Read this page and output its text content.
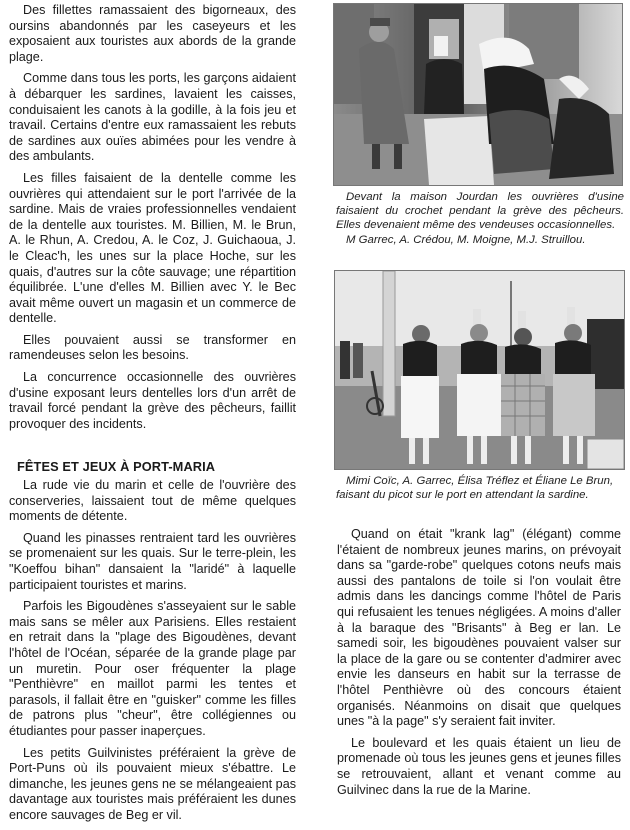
Des fillettes ramassaient des bigorneaux, des oursins abandonnés par les caseyeurs et les exposaient aux touristes aux abords de la grande plage.

Comme dans tous les ports, les garçons aidaient à débarquer les sardines, lavaient les caisses, conduisaient les canots à la godille, à la fois jeu et travail. Certains d'entre eux ramassaient les rebuts de sardines aux ouïes abimées pour les vendre à des ambulants.

Les filles faisaient de la dentelle comme les ouvrières qui attendaient sur le port l'arrivée de la sardine. Mais de vraies professionnelles vendaient de la dentelle aux touristes. M. Billien, M. le Brun, A. le Rhun, A. Credou, A. le Coz, J. Guichaoua, J. le Cleac'h, les unes sur la place Hoche, sur les quais, d'autres sur la côte sauvage; une répartition équilibrée. L'une d'elles M. Billien avec Y. le Bec avait même ouvert un magasin et un commerce de dentelle.

Elles pouvaient aussi se transformer en ramendeuses selon les besoins.

La concurrence occasionnelle des ouvrières d'usine exposant leurs dentelles lors d'un arrêt de travail forcé pendant la grève des pêcheurs, faillit provoquer des incidents.

FÊTES ET JEUX À PORT-MARIA

La rude vie du marin et celle de l'ouvrière des conserveries, laissaient tout de même quelques moments de détente.

Quand les pinasses rentraient tard les ouvrières se promenaient sur les quais. Sur le terre-plein, les "Koeffou bihan" dansaient la "laridé" à laquelle participaient touristes et marins.

Parfois les Bigoudènes s'asseyaient sur le sable mais sans se mêler aux Parisiens. Elles restaient en retrait dans la "plage des Bigoudènes, devant l'hôtel de l'Océan, séparée de la grande plage par un muretin. Pour oser fréquenter la plage "Penthièvre" en maillot parmi les tentes et parasols, il fallait être en "guisker" comme les filles de patrons plus "cheur", être collégiennes ou étudiantes pour passer inaperçues.

Les petits Guilvinistes préféraient la grève de Port-Puns où ils pouvaient mieux s'ébattre. Le dimanche, les jeunes gens ne se mélangeaient pas davantage aux touristes mais préféraient les dunes encore sauvages de Beg er vil.

Devant la maison Jourdan les ouvrières d'usine faisaient du crochet pendant la grève des pêcheurs. Elles devenaient même des vendeuses occasionnelles.
M Garrec, A. Crédou, M. Moigne, M.J. Struillou.
Mimi Coïc, A. Garrec, Élisa Tréflez et Éliane Le Brun,
faisant du picot sur le port en attendant la sardine.

Quand on était "krank lag" (élégant) comme l'étaient de nombreux jeunes marins, on prévoyait dans sa "garde-robe" quelques cotons neufs mais aussi des pantalons de toile si l'on voulait être admis dans les dancings comme l'hôtel de Paris qui refusaient les tenues négligées. A moins d'aller à la baraque des "Brisants" à Beg er lan. Le samedi soir, les bigoudènes pouvaient valser sur la place de la gare ou se contenter d'admirer avec envie les danseurs en habit sur la terrasse de l'hôtel Penthièvre où des concours étaient organisés. Néanmoins on disait que quelques unes "à la page" s'y seraient fait inviter.

Le boulevard et les quais étaient un lieu de promenade où tous les jeunes gens et jeunes filles se retrouvaient, allant et venant comme au Guilvinec dans la rue de la Marine.
